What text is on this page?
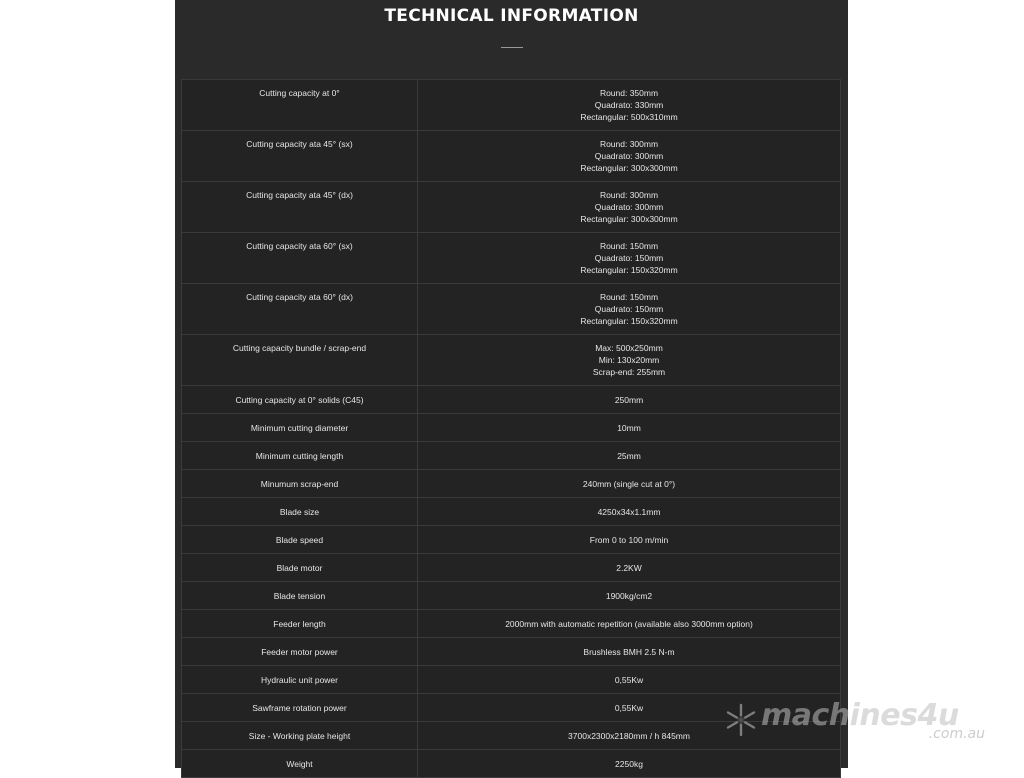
TECHNICAL INFORMATION
Cutting capacity at 0°	Round: 350mm
Quadrato: 330mm
Rectangular: 500x310mm

Cutting capacity ata 45° (sx)	Round: 300mm
Quadrato: 300mm
Rectangular: 300x300mm

Cutting capacity ata 45° (dx)	Round: 300mm
Quadrato: 300mm
Rectangular: 300x300mm

Cutting capacity ata 60° (sx)	Round: 150mm
Quadrato: 150mm
Rectangular: 150x320mm

Cutting capacity ata 60° (dx)	Round: 150mm
Quadrato: 150mm
Rectangular: 150x320mm

Cutting capacity bundle / scrap-end	Max: 500x250mm
Min: 130x20mm
Scrap-end: 255mm

Cutting capacity at 0° solids (C45)	250mm

Minimum cutting diameter	10mm

Minimum cutting length	25mm

Minumum scrap-end	240mm (single cut at 0°)

Blade size	4250x34x1.1mm

Blade speed	From 0 to 100 m/min

Blade motor	2.2KW

Blade tension	1900kg/cm2

Feeder length	2000mm with automatic repetition (available also 3000mm option)

Feeder motor power	Brushless BMH 2.5 N-m

Hydraulic unit power	0,55Kw

Sawframe rotation power	0,55Kw

Size - Working plate height	3700x2300x2180mm / h 845mm

Weight	2250kg
machines4u
.com.au
